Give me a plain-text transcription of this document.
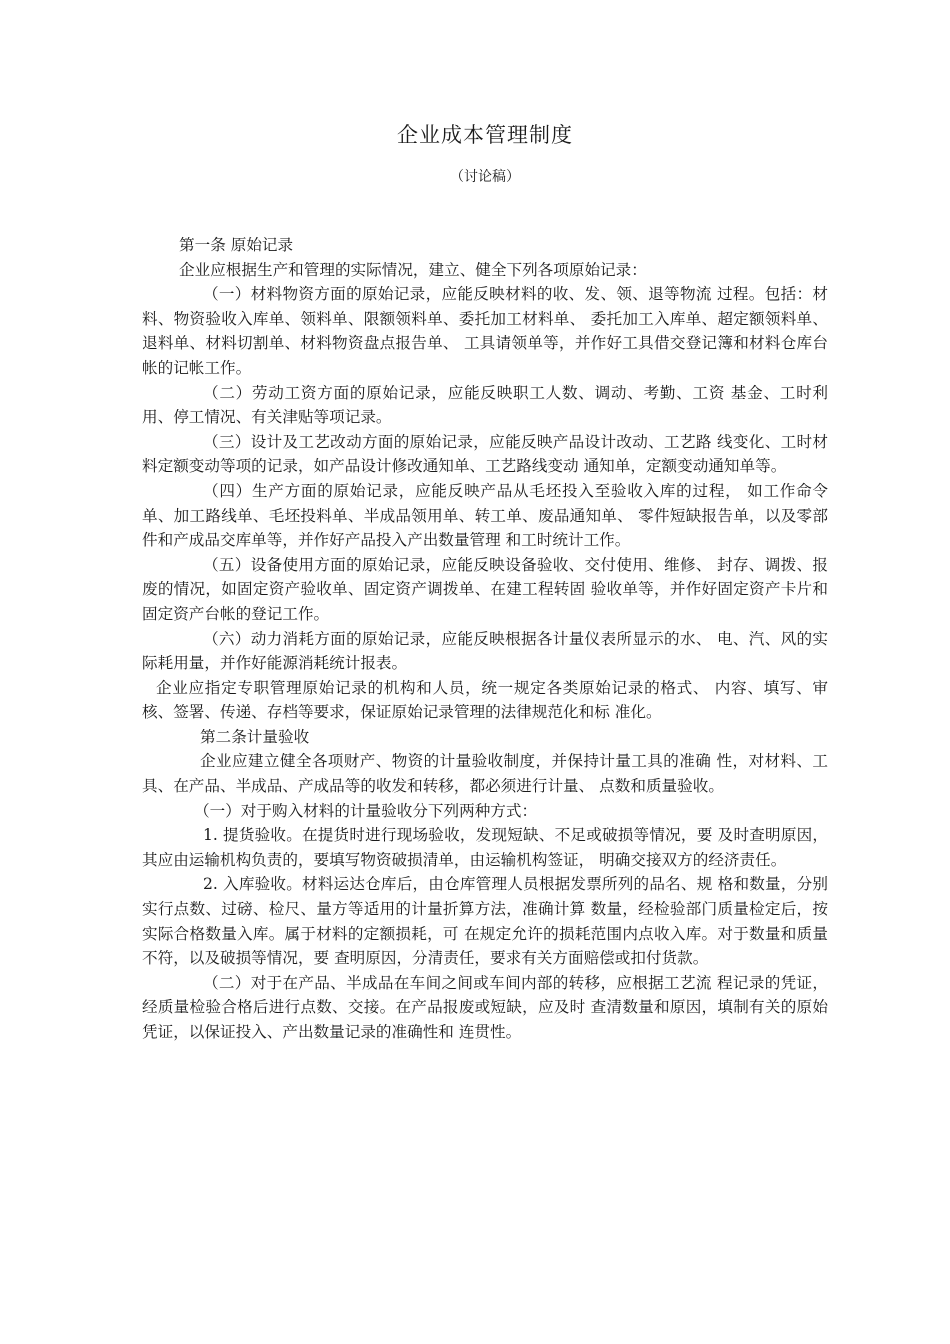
企业成本管理制度
（讨论稿）

第一条 原始记录

企业应根据生产和管理的实际情况，建立、健全下列各项原始记录：

（一）材料物资方面的原始记录，应能反映材料的收、发、领、退等物流 过程。包括：材料、物资验收入库单、领料单、限额领料单、委托加工材料单、 委托加工入库单、超定额领料单、退料单、材料切割单、材料物资盘点报告单、 工具请领单等，并作好工具借交登记簿和材料仓库台帐的记帐工作。

（二）劳动工资方面的原始记录，应能反映职工人数、调动、考勤、工资 基金、工时利用、停工情况、有关津贴等项记录。

（三）设计及工艺改动方面的原始记录，应能反映产品设计改动、工艺路 线变化、工时材料定额变动等项的记录，如产品设计修改通知单、工艺路线变动 通知单，定额变动通知单等。

（四）生产方面的原始记录，应能反映产品从毛坯投入至验收入库的过程， 如工作命令单、加工路线单、毛坯投料单、半成品领用单、转工单、废品通知单、 零件短缺报告单，以及零部件和产成品交库单等，并作好产品投入产出数量管理 和工时统计工作。

（五）设备使用方面的原始记录，应能反映设备验收、交付使用、维修、 封存、调拨、报废的情况，如固定资产验收单、固定资产调拨单、在建工程转固 验收单等，并作好固定资产卡片和固定资产台帐的登记工作。

（六）动力消耗方面的原始记录，应能反映根据各计量仪表所显示的水、 电、汽、风的实际耗用量，并作好能源消耗统计报表。

企业应指定专职管理原始记录的机构和人员，统一规定各类原始记录的格式、 内容、填写、审核、签署、传递、存档等要求，保证原始记录管理的法律规范化和标 准化。

第二条计量验收

企业应建立健全各项财产、物资的计量验收制度，并保持计量工具的准确 性，对材料、工具、在产品、半成品、产成品等的收发和转移，都必须进行计量、 点数和质量验收。

（一）对于购入材料的计量验收分下列两种方式：

1. 提货验收。在提货时进行现场验收，发现短缺、不足或破损等情况，要 及时查明原因，其应由运输机构负责的，要填写物资破损清单，由运输机构签证， 明确交接双方的经济责任。

2. 入库验收。材料运达仓库后，由仓库管理人员根据发票所列的品名、规 格和数量，分别实行点数、过磅、检尺、量方等适用的计量折算方法，准确计算 数量，经检验部门质量检定后，按实际合格数量入库。属于材料的定额损耗，可 在规定允许的损耗范围内点收入库。对于数量和质量不符，以及破损等情况，要 查明原因，分清责任，要求有关方面赔偿或扣付货款。

（二）对于在产品、半成品在车间之间或车间内部的转移，应根据工艺流 程记录的凭证，经质量检验合格后进行点数、交接。在产品报废或短缺，应及时 查清数量和原因，填制有关的原始凭证，以保证投入、产出数量记录的准确性和 连贯性。
